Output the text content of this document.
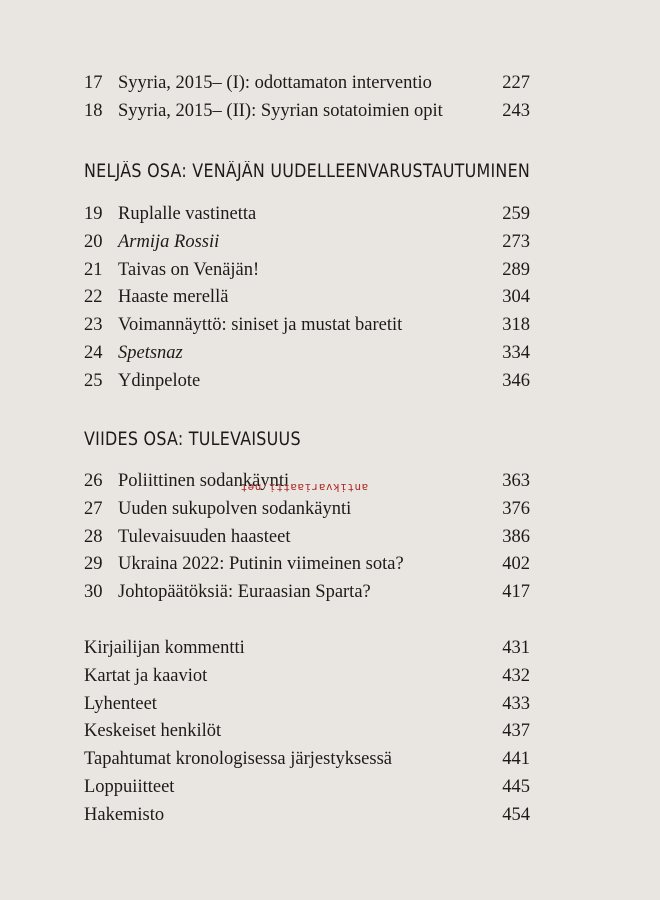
17 Syyria, 2015– (I): odottamaton interventio	227
18 Syyria, 2015– (II): Syyrian sotatoimien opit	243
NELJÄS OSA: VENÄJÄN UUDELLEENVARUSTAUTUMINEN
19 Ruplalle vastinetta	259
20 Armija Rossii	273
21 Taivas on Venäjän!	289
22 Haaste merellä	304
23 Voimannäyttö: siniset ja mustat baretit	318
24 Spetsnaz	334
25 Ydinpelote	346
VIIDES OSA: TULEVAISUUS
26 Poliittinen sodankäynti	363
27 Uuden sukupolven sodankäynti	376
28 Tulevaisuuden haasteet	386
29 Ukraina 2022: Putinin viimeinen sota?	402
30 Johtopäätöksiä: Euraasian Sparta?	417
antikvariaatti.net
Kirjailijan kommentti	431
Kartat ja kaaviot	432
Lyhenteet	433
Keskeiset henkilöt	437
Tapahtumat kronologisessa järjestyksessä	441
Loppuiitteet	445
Hakemisto	454
